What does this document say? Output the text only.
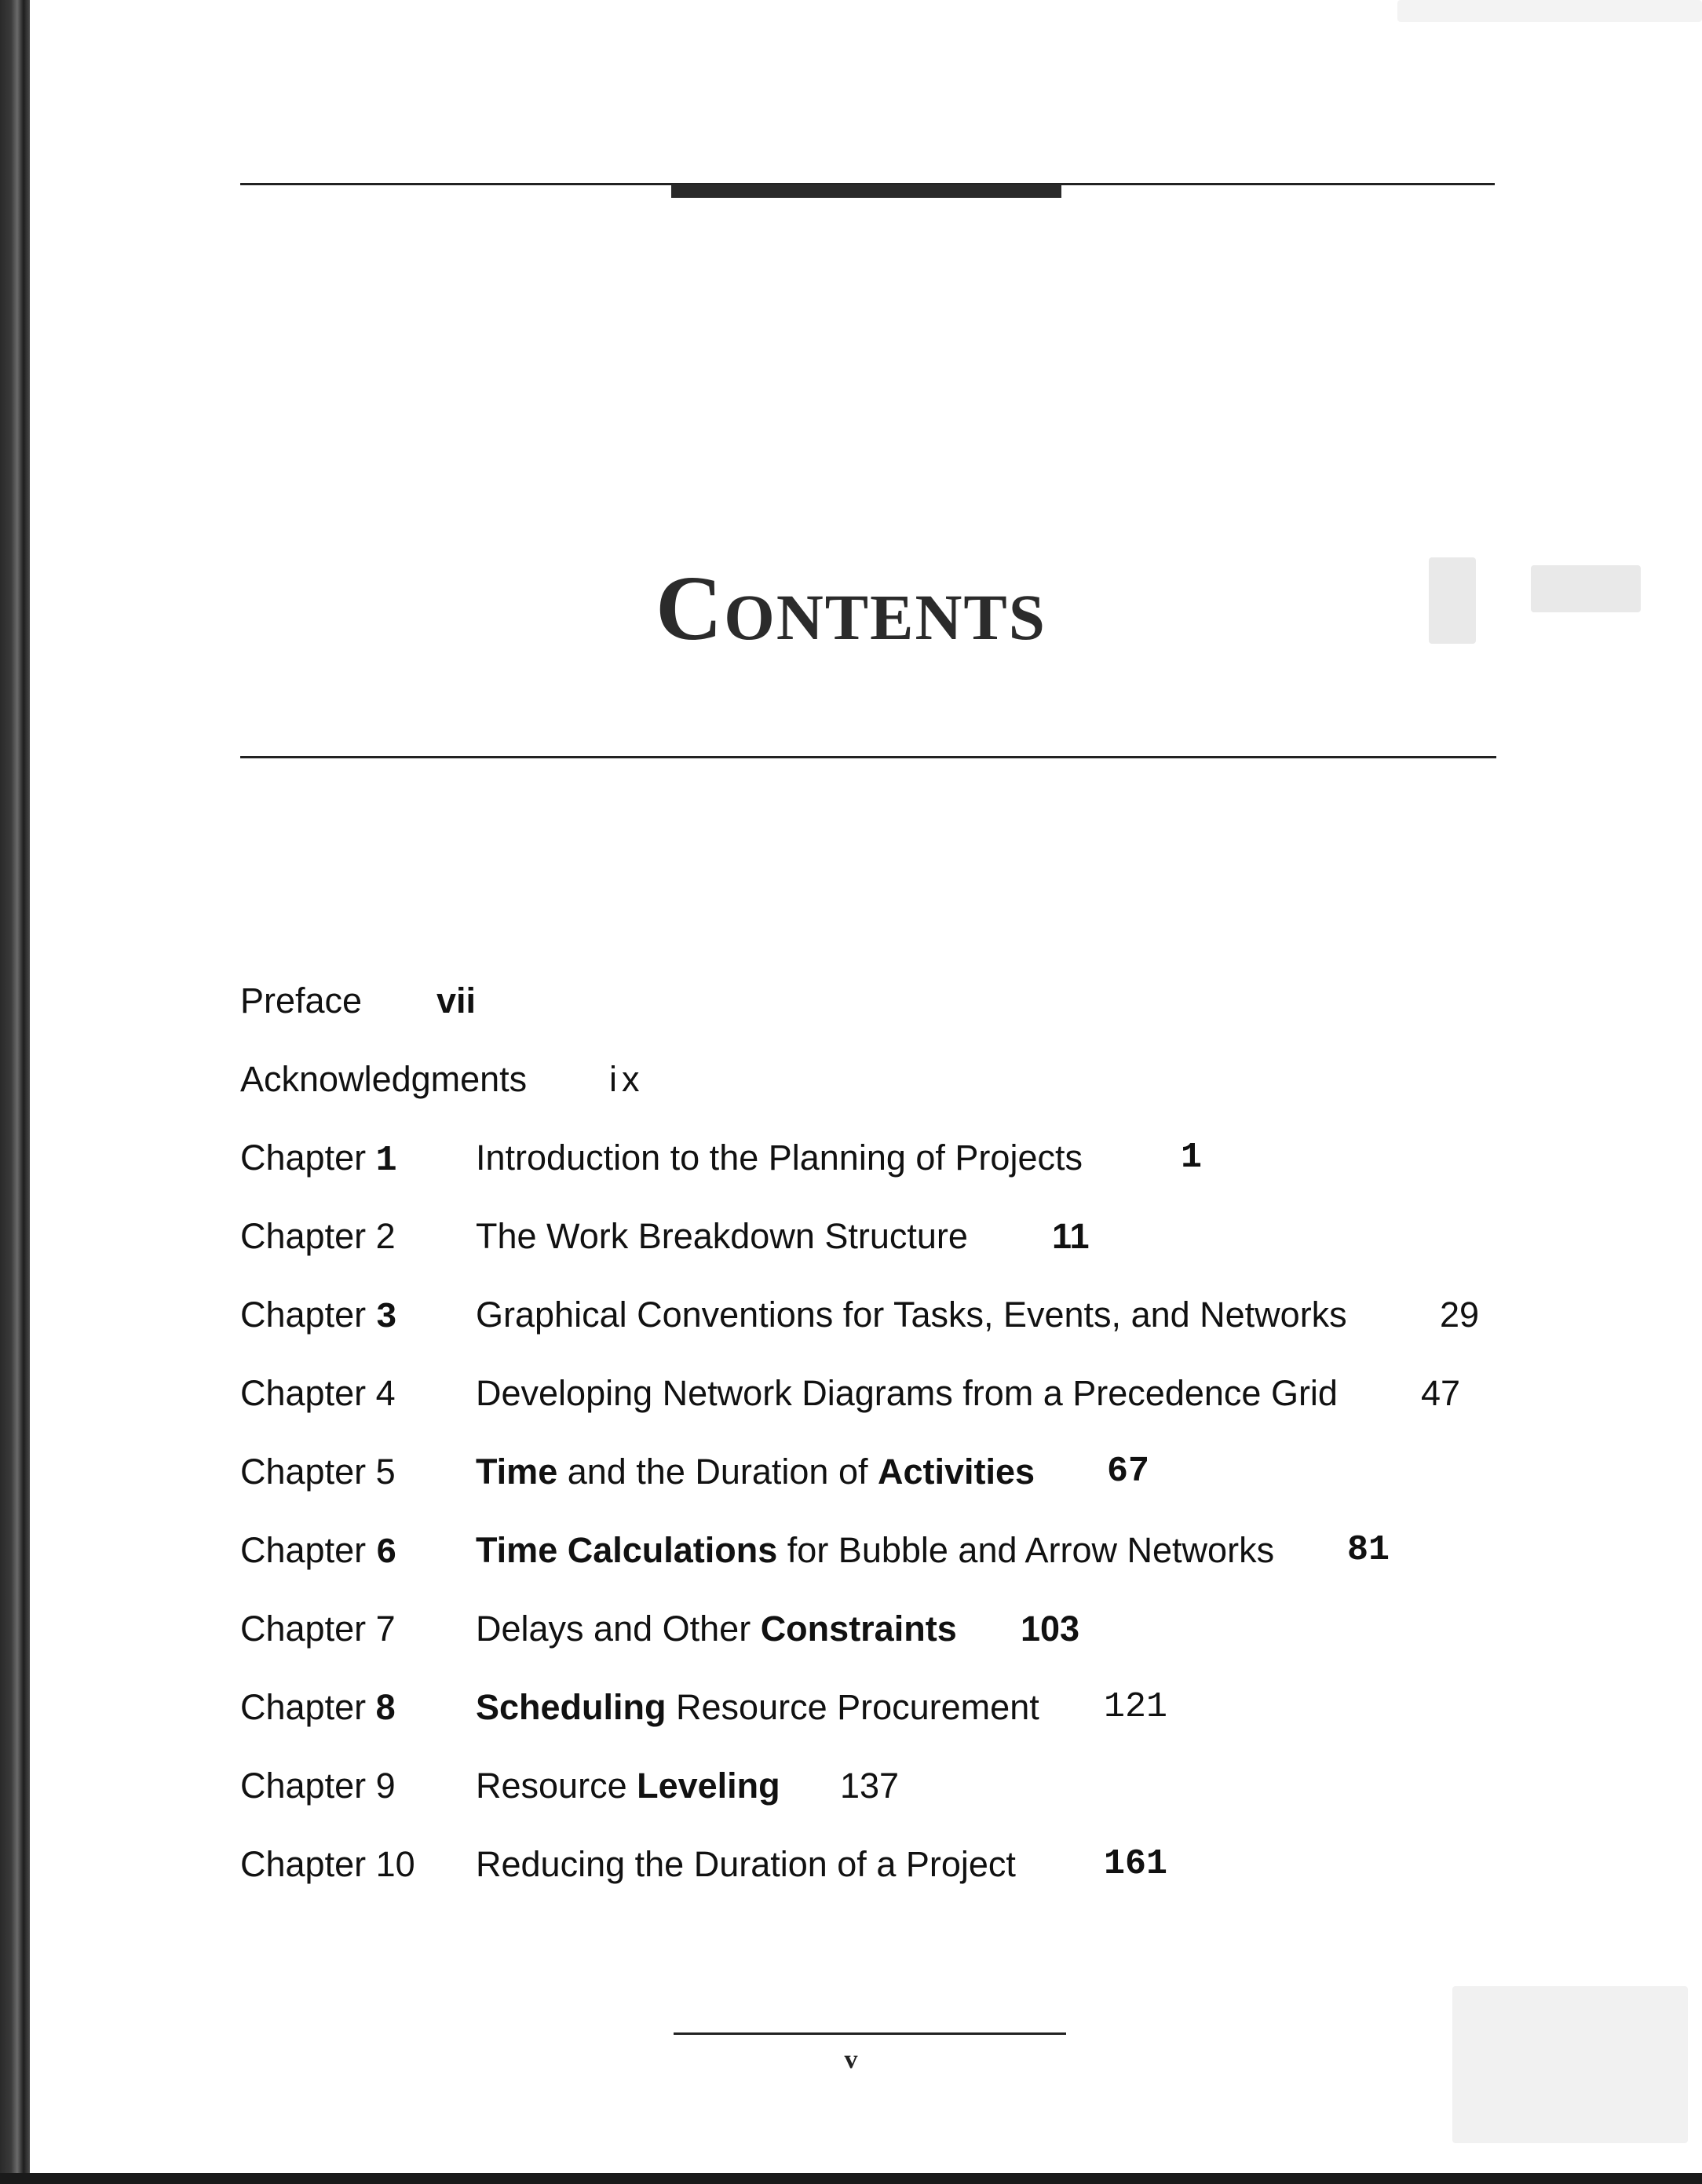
Contents
Preface vii
Acknowledgments ix
Chapter 1 Introduction to the Planning of Projects	1
Chapter 2 The Work Breakdown Structure 11
Chapter 3 Graphical Conventions for Tasks, Events, and Networks	29
Chapter 4 Developing Network Diagrams from a Precedence Grid 47
Chapter 5 Time and the Duration of Activities 67
Chapter 6 Time Calculations for Bubble and Arrow Networks 81
Chapter 7 Delays and Other Constraints 103
Chapter 8 Scheduling Resource Procurement 121
Chapter 9 Resource Leveling 137
Chapter 10 Reducing the Duration of a Project 161
v
